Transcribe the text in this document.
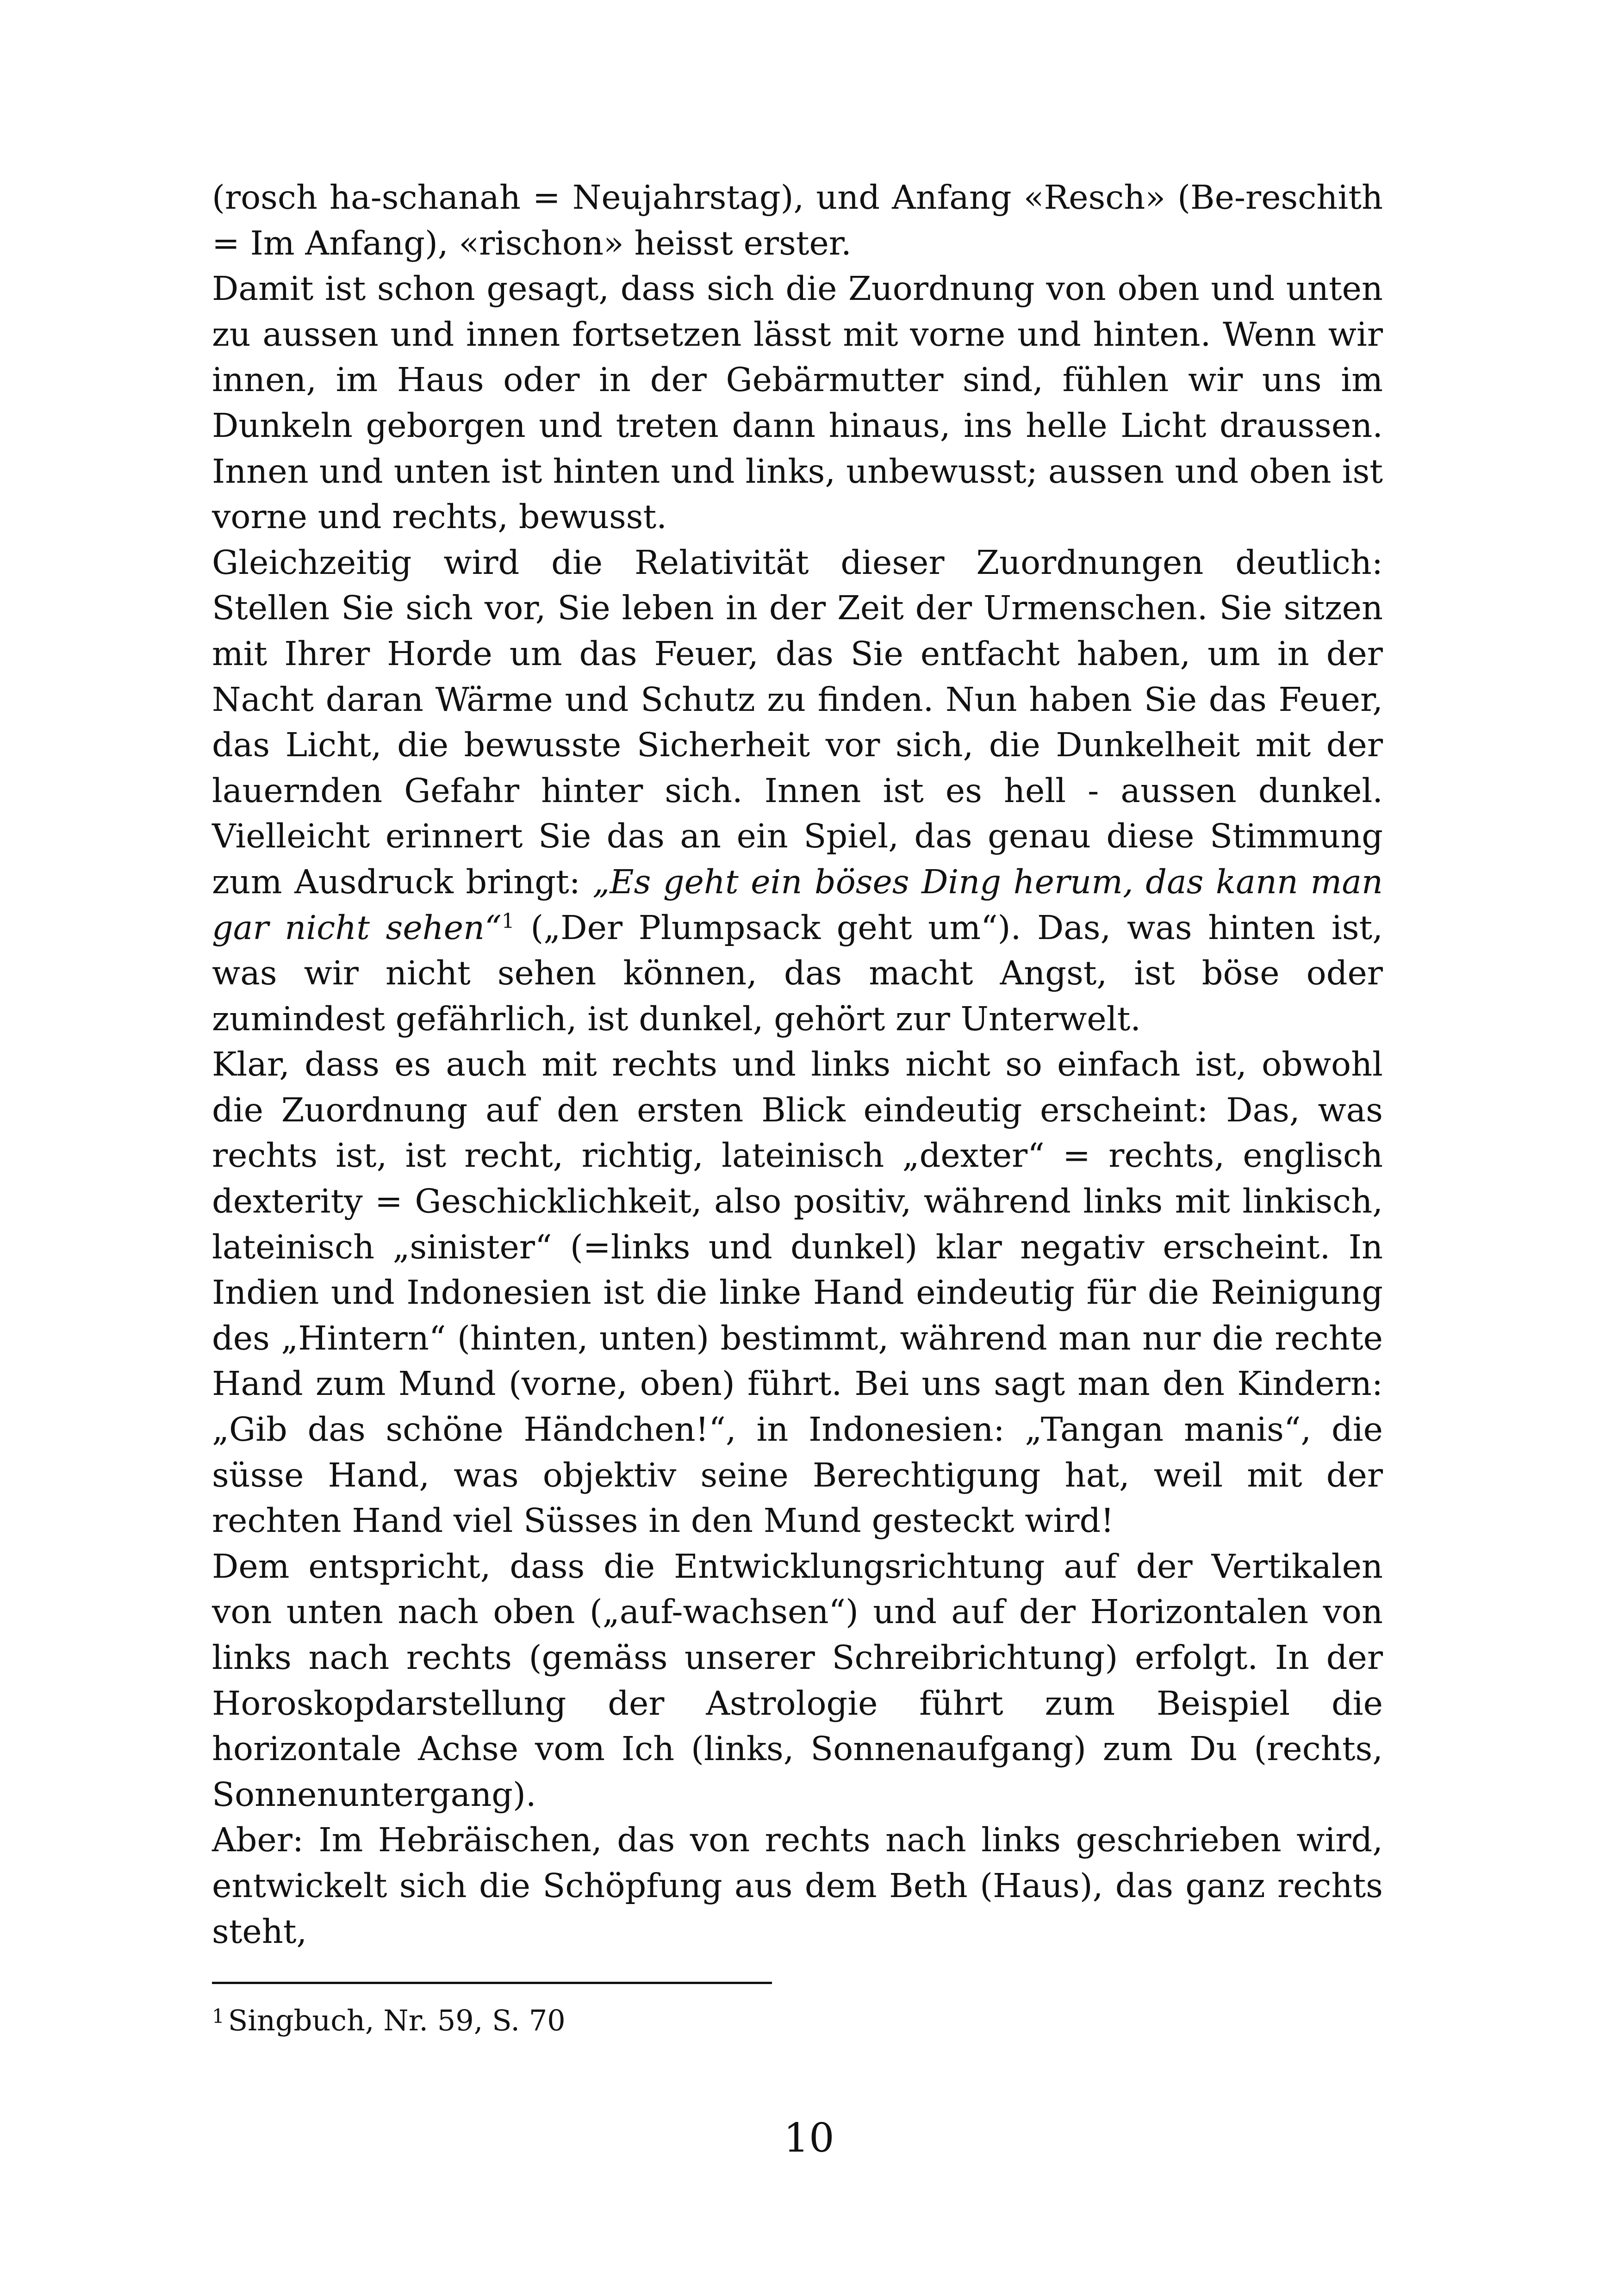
(rosch ha-schanah = Neujahrstag), und Anfang «Resch» (Be-reschith = Im Anfang), «rischon» heisst erster.

Damit ist schon gesagt, dass sich die Zuordnung von oben und unten zu aussen und innen fortsetzen lässt mit vorne und hinten. Wenn wir innen, im Haus oder in der Gebärmutter sind, fühlen wir uns im Dunkeln geborgen und treten dann hinaus, ins helle Licht draussen. Innen und unten ist hinten und links, unbewusst; aussen und oben ist vorne und rechts, bewusst.

Gleichzeitig wird die Relativität dieser Zuordnungen deutlich: Stellen Sie sich vor, Sie leben in der Zeit der Urmenschen. Sie sitzen mit Ihrer Horde um das Feuer, das Sie entfacht haben, um in der Nacht daran Wärme und Schutz zu finden. Nun haben Sie das Feuer, das Licht, die bewusste Sicherheit vor sich, die Dunkelheit mit der lauernden Gefahr hinter sich. Innen ist es hell - aussen dunkel. Vielleicht erinnert Sie das an ein Spiel, das genau diese Stimmung zum Ausdruck bringt: „Es geht ein böses Ding herum, das kann man gar nicht sehen“$^1$ („Der Plumpsack geht um“). Das, was hinten ist, was wir nicht sehen können, das macht Angst, ist böse oder zumindest gefährlich, ist dunkel, gehört zur Unterwelt.

Klar, dass es auch mit rechts und links nicht so einfach ist, obwohl die Zuordnung auf den ersten Blick eindeutig erscheint: Das, was rechts ist, ist recht, richtig, lateinisch „dexter“ = rechts, englisch dexterity = Geschicklichkeit, also positiv, während links mit linkisch, lateinisch „sinister“ (=links und dunkel) klar negativ erscheint. In Indien und Indonesien ist die linke Hand eindeutig für die Reinigung des „Hintern“ (hinten, unten) bestimmt, während man nur die rechte Hand zum Mund (vorne, oben) führt. Bei uns sagt man den Kindern: „Gib das schöne Händchen!“, in Indonesien: „Tangan manis“, die süsse Hand, was objektiv seine Berechtigung hat, weil mit der rechten Hand viel Süsses in den Mund gesteckt wird!

Dem entspricht, dass die Entwicklungsrichtung auf der Vertikalen von unten nach oben („auf-wachsen“) und auf der Horizontalen von links nach rechts (gemäss unserer Schreibrichtung) erfolgt. In der Horoskopdarstellung der Astrologie führt zum Beispiel die horizontale Achse vom Ich (links, Sonnenaufgang) zum Du (rechts, Sonnenuntergang).

Aber: Im Hebräischen, das von rechts nach links geschrieben wird, entwickelt sich die Schöpfung aus dem Beth (Haus), das ganz rechts steht,

$^1$ Singbuch, Nr. 59, S. 70

10
